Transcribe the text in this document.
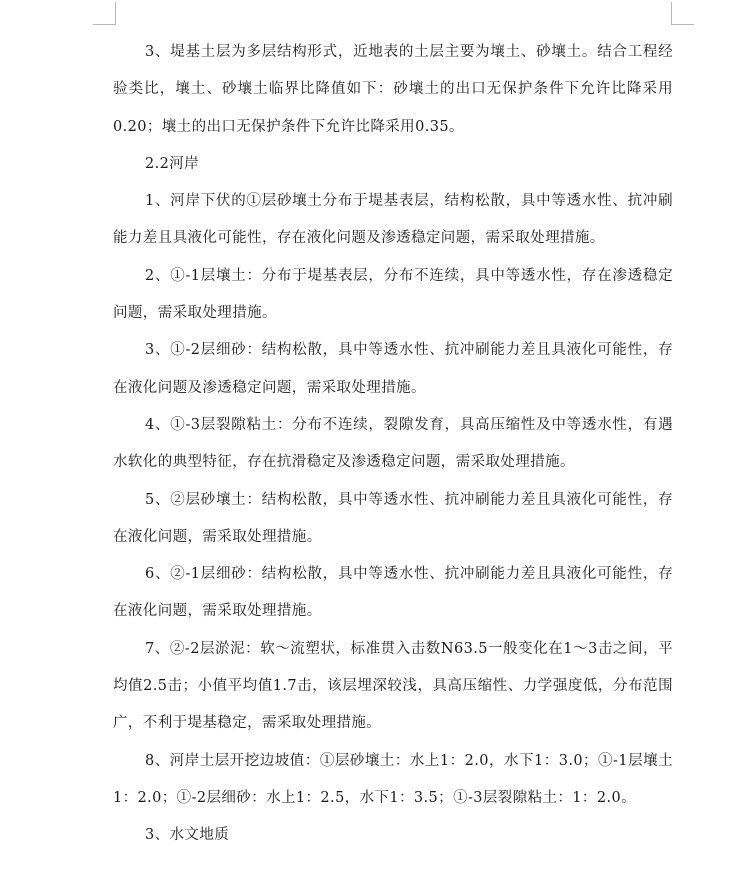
3、堤基土层为多层结构形式，近地表的土层主要为壤土、砂壤土。结合工程经验类比，壤土、砂壤土临界比降值如下：砂壤土的出口无保护条件下允许比降采用0.20；壤土的出口无保护条件下允许比降采用0.35。

2.2河岸

1、河岸下伏的①层砂壤土分布于堤基表层，结构松散，具中等透水性、抗冲刷能力差且具液化可能性，存在液化问题及渗透稳定问题，需采取处理措施。

2、①-1层壤土：分布于堤基表层，分布不连续，具中等透水性，存在渗透稳定问题，需采取处理措施。

3、①-2层细砂：结构松散，具中等透水性、抗冲刷能力差且具液化可能性，存在液化问题及渗透稳定问题，需采取处理措施。

4、①-3层裂隙粘土：分布不连续，裂隙发育，具高压缩性及中等透水性，有遇水软化的典型特征，存在抗滑稳定及渗透稳定问题，需采取处理措施。

5、②层砂壤土：结构松散，具中等透水性、抗冲刷能力差且具液化可能性，存在液化问题，需采取处理措施。

6、②-1层细砂：结构松散，具中等透水性、抗冲刷能力差且具液化可能性，存在液化问题，需采取处理措施。

7、②-2层淤泥：软～流塑状，标准贯入击数N63.5一般变化在1～3击之间，平均值2.5击；小值平均值1.7击，该层埋深较浅，具高压缩性、力学强度低，分布范围广，不利于堤基稳定，需采取处理措施。

8、河岸土层开挖边坡值：①层砂壤土：水上1：2.0，水下1：3.0；①-1层壤土1：2.0；①-2层细砂：水上1：2.5，水下1：3.5；①-3层裂隙粘土：1：2.0。

3、水文地质
